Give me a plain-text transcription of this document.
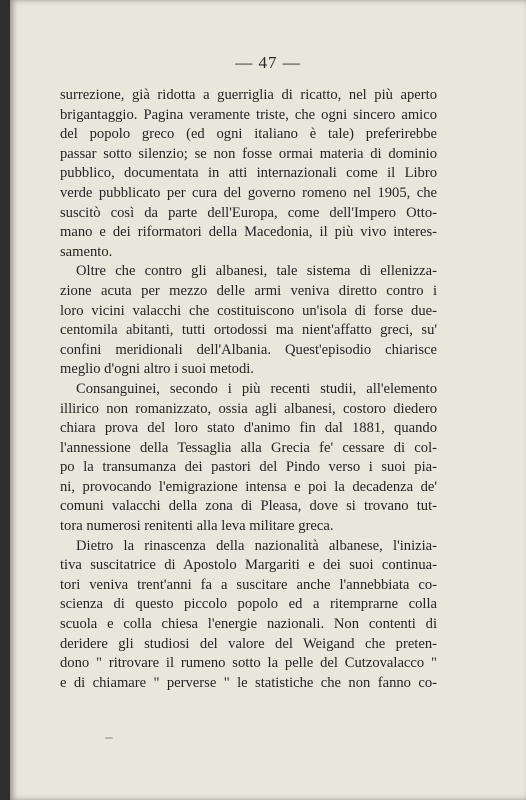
— 47 —
surrezione, già ridotta a guerriglia di ricatto, nel più aperto
brigantaggio. Pagina veramente triste, che ogni sincero amico
del popolo greco (ed ogni italiano è tale) preferirebbe
passar sotto silenzio; se non fosse ormai materia di dominio
pubblico, documentata in atti internazionali come il Libro
verde pubblicato per cura del governo romeno nel 1905, che
suscitò così da parte dell'Europa, come dell'Impero Otto-
mano e dei riformatori della Macedonia, il più vivo interes-
samento.
Oltre che contro gli albanesi, tale sistema di ellenizza-
zione acuta per mezzo delle armi veniva diretto contro i
loro vicini valacchi che costituiscono un'isola di forse due-
centomila abitanti, tutti ortodossi ma nient'affatto greci, su'
confini meridionali dell'Albania. Quest'episodio chiarisce
meglio d'ogni altro i suoi metodi.
Consanguinei, secondo i più recenti studii, all'elemento
illirico non romanizzato, ossia agli albanesi, costoro diedero
chiara prova del loro stato d'animo fin dal 1881, quando
l'annessione della Tessaglia alla Grecia fe' cessare di col-
po la transumanza dei pastori del Pindo verso i suoi pia-
ni, provocando l'emigrazione intensa e poi la decadenza de'
comuni valacchi della zona di Pleasa, dove si trovano tut-
tora numerosi renitenti alla leva militare greca.
Dietro la rinascenza della nazionalità albanese, l'inizia-
tiva suscitatrice di Apostolo Margariti e dei suoi continua-
tori veniva trent'anni fa a suscitare anche l'annebbiata co-
scienza di questo piccolo popolo ed a ritemprarne colla
scuola e colla chiesa l'energie nazionali. Non contenti di
deridere gli studiosi del valore del Weigand che preten-
dono " ritrovare il rumeno sotto la pelle del Cutzovalacco "
e di chiamare " perverse " le statistiche che non fanno co-
